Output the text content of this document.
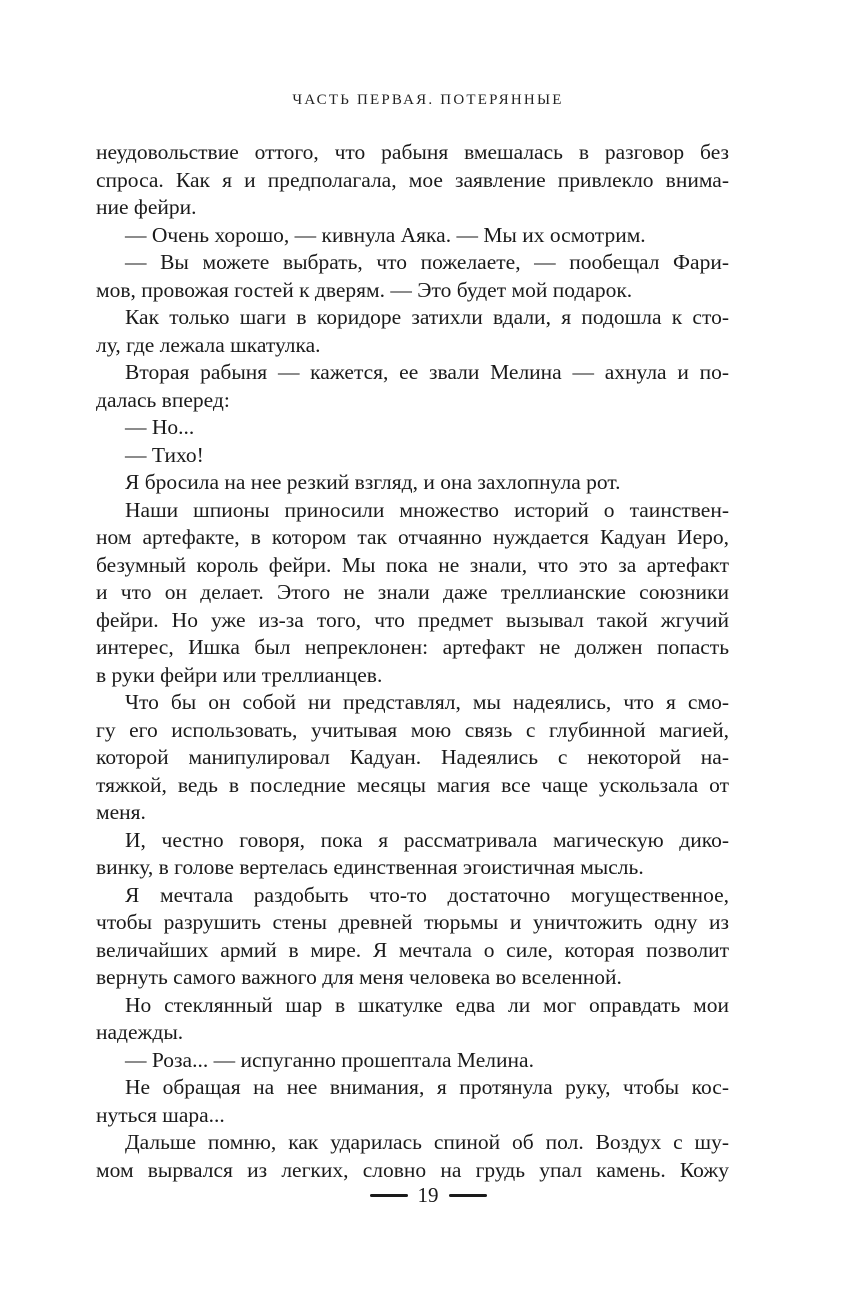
ЧАСТЬ ПЕРВАЯ. ПОТЕРЯННЫЕ
неудовольствие оттого, что рабыня вмешалась в разговор без
спроса. Как я и предполагала, мое заявление привлекло внима-
ние фейри.
— Очень хорошо, — кивнула Аяка. — Мы их осмотрим.
— Вы можете выбрать, что пожелаете, — пообещал Фари-
мов, провожая гостей к дверям. — Это будет мой подарок.
Как только шаги в коридоре затихли вдали, я подошла к сто-
лу, где лежала шкатулка.
Вторая рабыня — кажется, ее звали Мелина — ахнула и по-
далась вперед:
— Но...
— Тихо!
Я бросила на нее резкий взгляд, и она захлопнула рот.
Наши шпионы приносили множество историй о таинствен-
ном артефакте, в котором так отчаянно нуждается Кадуан Иеро,
безумный король фейри. Мы пока не знали, что это за артефакт
и что он делает. Этого не знали даже треллианские союзники
фейри. Но уже из-за того, что предмет вызывал такой жгучий
интерес, Ишка был непреклонен: артефакт не должен попасть
в руки фейри или треллианцев.
Что бы он собой ни представлял, мы надеялись, что я смо-
гу его использовать, учитывая мою связь с глубинной магией,
которой манипулировал Кадуан. Надеялись с некоторой на-
тяжкой, ведь в последние месяцы магия все чаще ускользала от
меня.
И, честно говоря, пока я рассматривала магическую дико-
винку, в голове вертелась единственная эгоистичная мысль.
Я мечтала раздобыть что-то достаточно могущественное,
чтобы разрушить стены древней тюрьмы и уничтожить одну из
величайших армий в мире. Я мечтала о силе, которая позволит
вернуть самого важного для меня человека во вселенной.
Но стеклянный шар в шкатулке едва ли мог оправдать мои
надежды.
— Роза... — испуганно прошептала Мелина.
Не обращая на нее внимания, я протянула руку, чтобы кос-
нуться шара...
Дальше помню, как ударилась спиной об пол. Воздух с шу-
мом вырвался из легких, словно на грудь упал камень. Кожу
19
